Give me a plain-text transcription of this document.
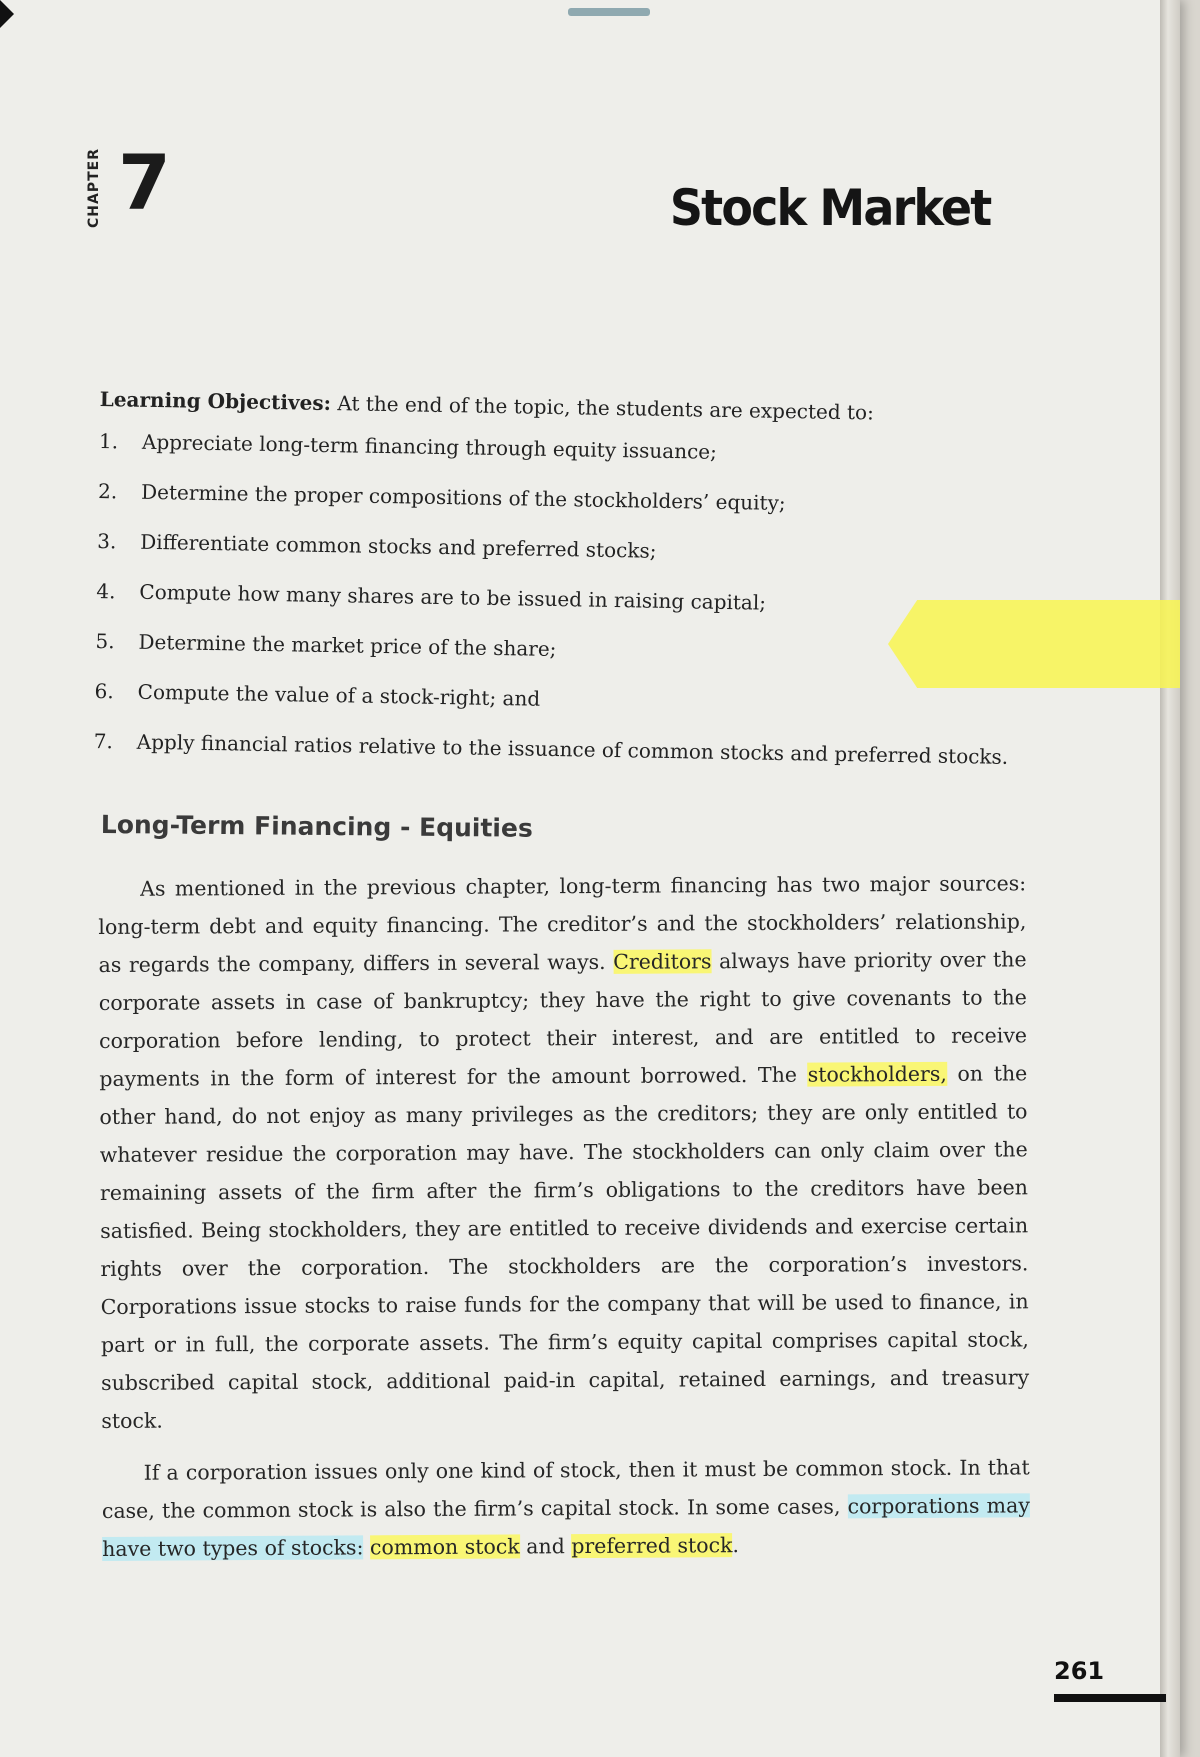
CHAPTER 7	Stock Market
Learning Objectives: At the end of the topic, the students are expected to:
1. Appreciate long-term financing through equity issuance;
2. Determine the proper compositions of the stockholders’ equity;
3. Differentiate common stocks and preferred stocks;
4. Compute how many shares are to be issued in raising capital;
5. Determine the market price of the share;
6. Compute the value of a stock-right; and
7. Apply financial ratios relative to the issuance of common stocks and preferred stocks.
Long-Term Financing - Equities

As mentioned in the previous chapter, long-term financing has two major sources: long-term debt and equity financing. The creditor’s and the stockholders’ relationship, as regards the company, differs in several ways. Creditors always have priority over the corporate assets in case of bankruptcy; they have the right to give covenants to the corporation before lending, to protect their interest, and are entitled to receive payments in the form of interest for the amount borrowed. The stockholders, on the other hand, do not enjoy as many privileges as the creditors; they are only entitled to whatever residue the corporation may have. The stockholders can only claim over the remaining assets of the firm after the firm’s obligations to the creditors have been satisfied. Being stockholders, they are entitled to receive dividends and exercise certain rights over the corporation. The stockholders are the corporation’s investors. Corporations issue stocks to raise funds for the company that will be used to finance, in part or in full, the corporate assets. The firm’s equity capital comprises capital stock, subscribed capital stock, additional paid-in capital, retained earnings, and treasury stock.

If a corporation issues only one kind of stock, then it must be common stock. In that case, the common stock is also the firm’s capital stock. In some cases, corporations may have two types of stocks: common stock and preferred stock.

261
